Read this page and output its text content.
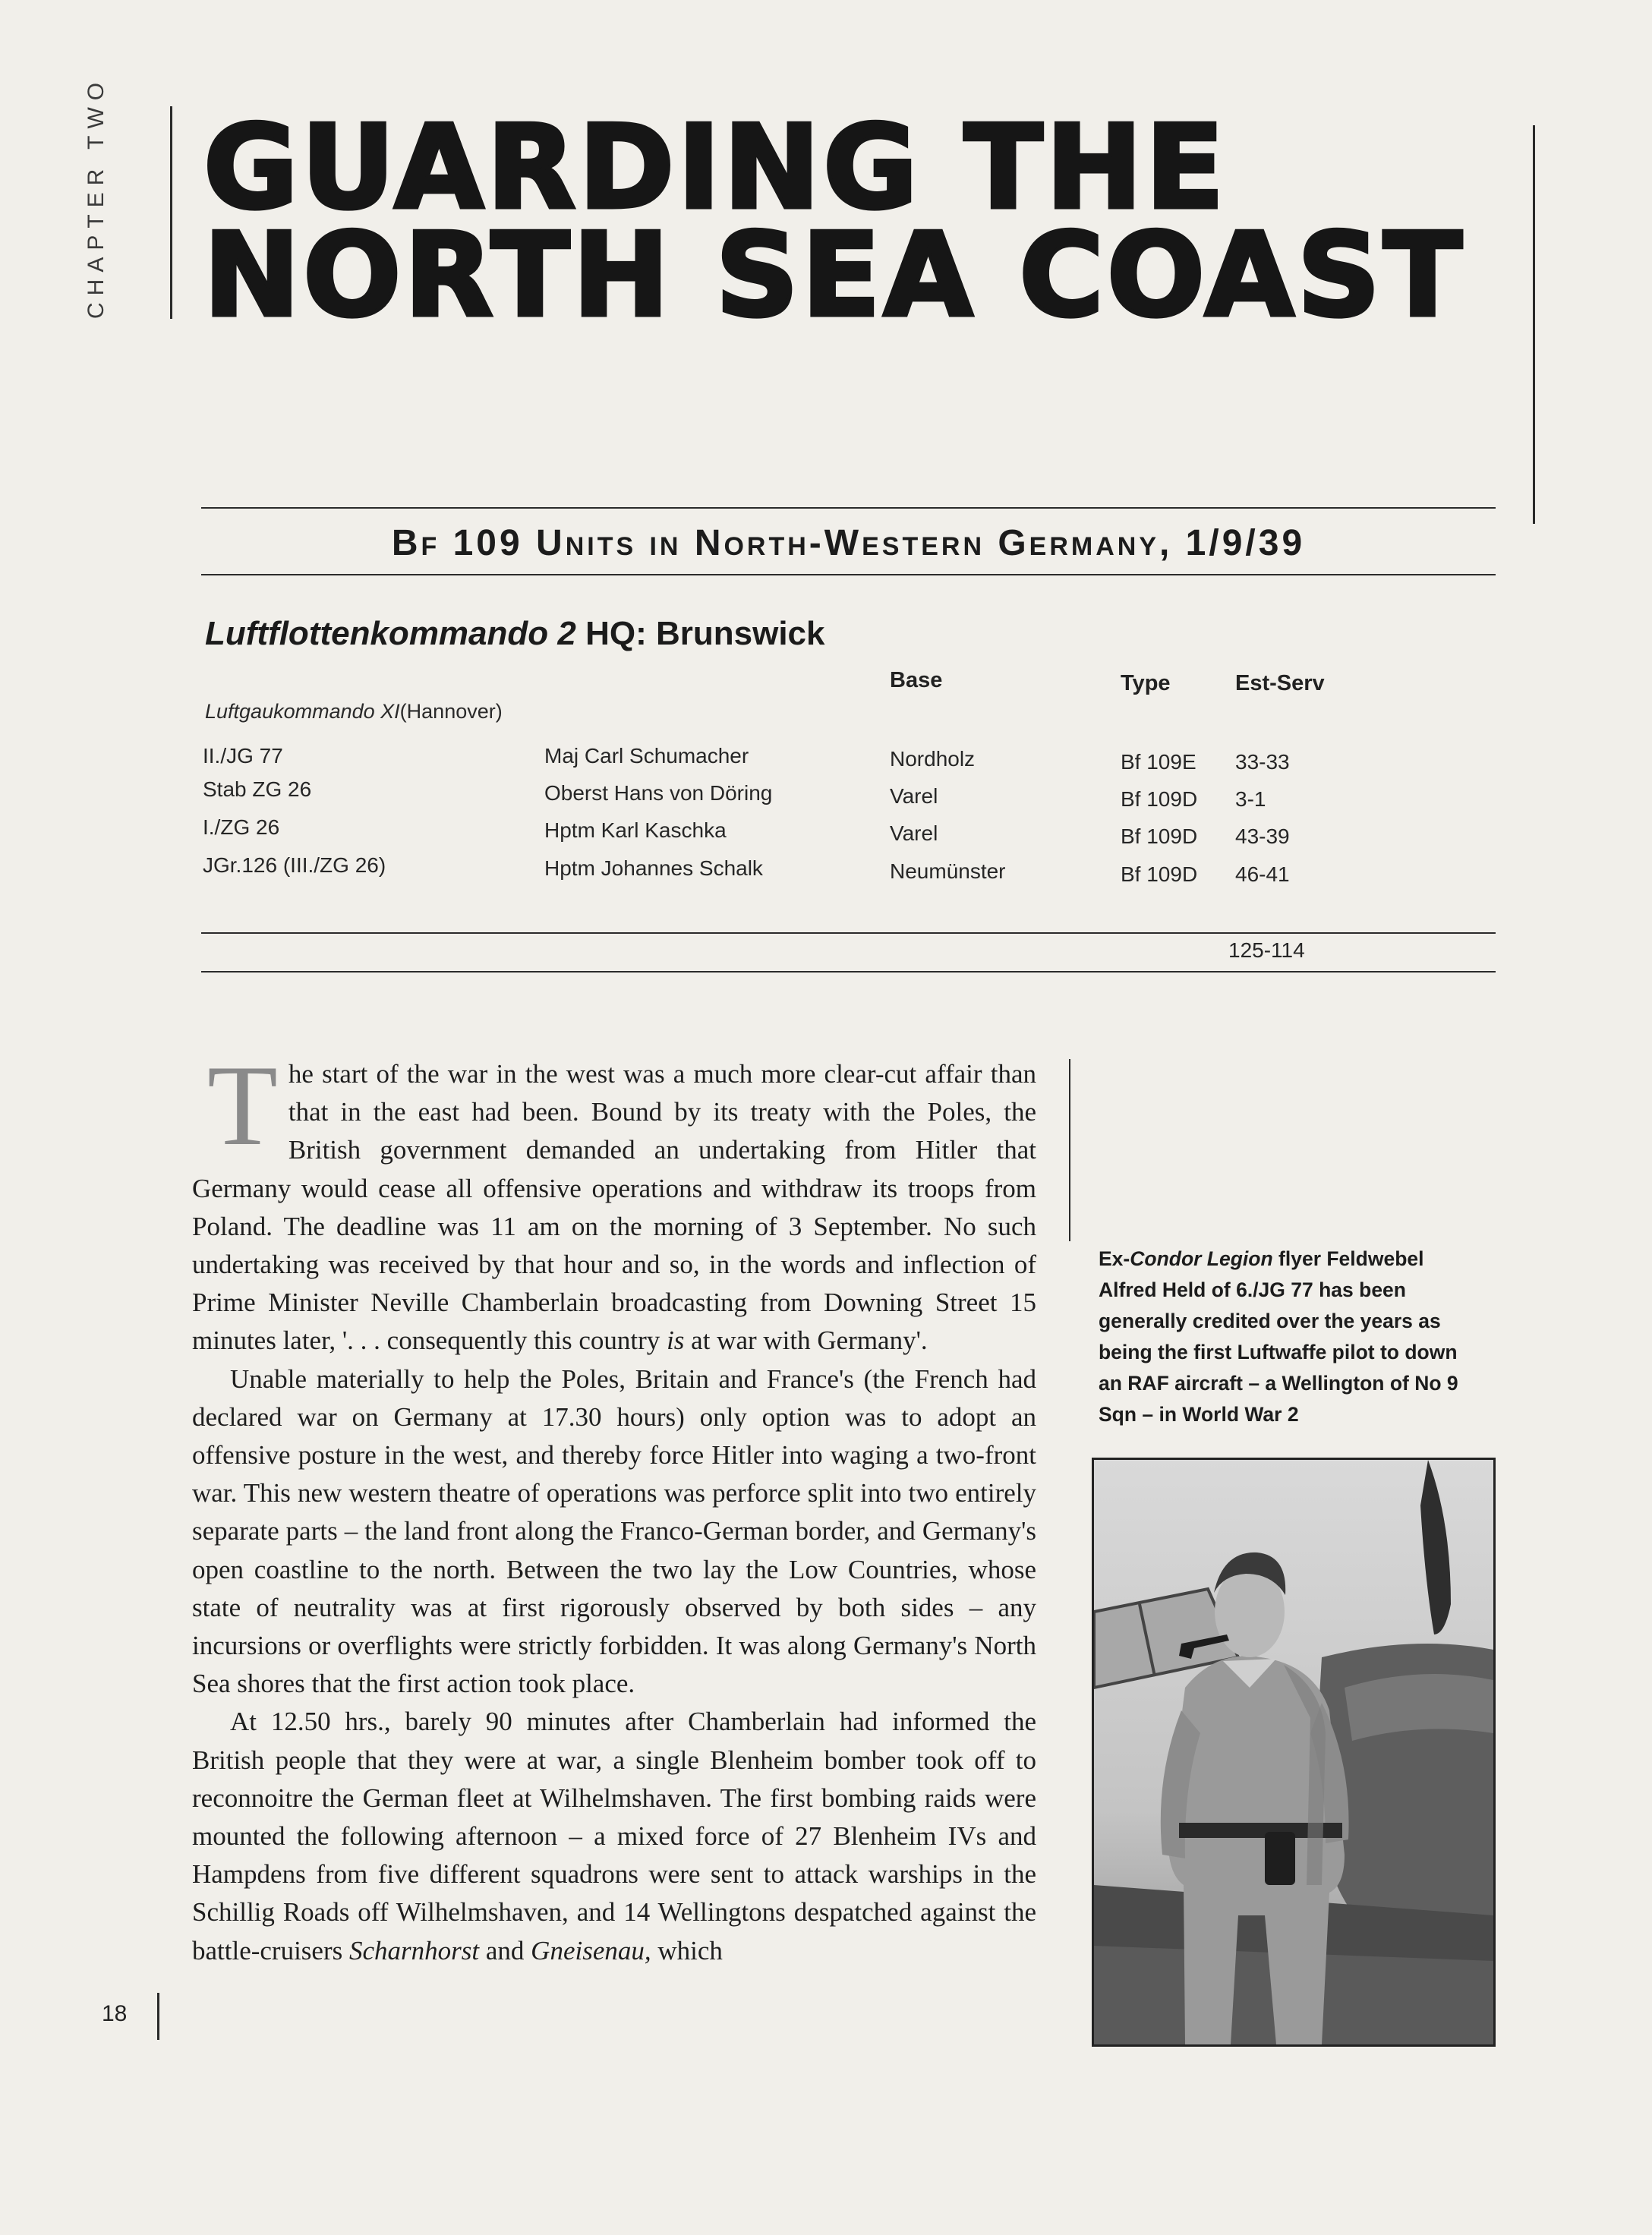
CHAPTER TWO GUARDING THE
NORTH SEA COAST
Bf 109 Units in North-Western Germany, 1/9/39
Luftflottenkommando 2 HQ: Brunswick
Base	Type	Est-Serv
Luftgaukommando XI(Hannover)
II./JG 77	Maj Carl Schumacher	Nordholz	Bf 109E 33-33
Stab ZG 26	Oberst Hans von Döring	Varel	Bf 109D 3-1
I./ZG 26	Hptm Karl Kaschka	Varel	Bf 109D 43-39
JGr.126 (III./ZG 26)	Hptm Johannes Schalk	Neumünster	Bf 109D 46-41
125-114

The start of the war in the west was a much more clear-cut affair than that in the east had been. Bound by its treaty with the Poles, the British government demanded an undertaking from Hitler that Germany would cease all offensive operations and withdraw its troops from Poland. The deadline was 11 am on the morning of 3 September. No such undertaking was received by that hour and so, in the words and inflection of Prime Minister Neville Chamberlain broadcasting from Downing Street 15 minutes later, '. . . consequently this country is at war with Germany'.

Unable materially to help the Poles, Britain and France's (the French had declared war on Germany at 17.30 hours) only option was to adopt an offensive posture in the west, and thereby force Hitler into waging a two-front war. This new western theatre of operations was perforce split into two entirely separate parts – the land front along the Franco-German border, and Germany's open coastline to the north. Between the two lay the Low Countries, whose state of neutrality was at first rigorously observed by both sides – any incursions or overflights were strictly forbidden. It was along Germany's North Sea shores that the first action took place.

At 12.50 hrs., barely 90 minutes after Chamberlain had informed the British people that they were at war, a single Blenheim bomber took off to reconnoitre the German fleet at Wilhelmshaven. The first bombing raids were mounted the following afternoon – a mixed force of 27 Blenheim IVs and Hampdens from five different squadrons were sent to attack warships in the Schillig Roads off Wilhelmshaven, and 14 Wellingtons despatched against the battle-cruisers Scharnhorst and Gneisenau, which

Ex-Condor Legion flyer Feldwebel Alfred Held of 6./JG 77 has been generally credited over the years as being the first Luftwaffe pilot to down an RAF aircraft – a Wellington of No 9 Sqn – in World War 2
18
